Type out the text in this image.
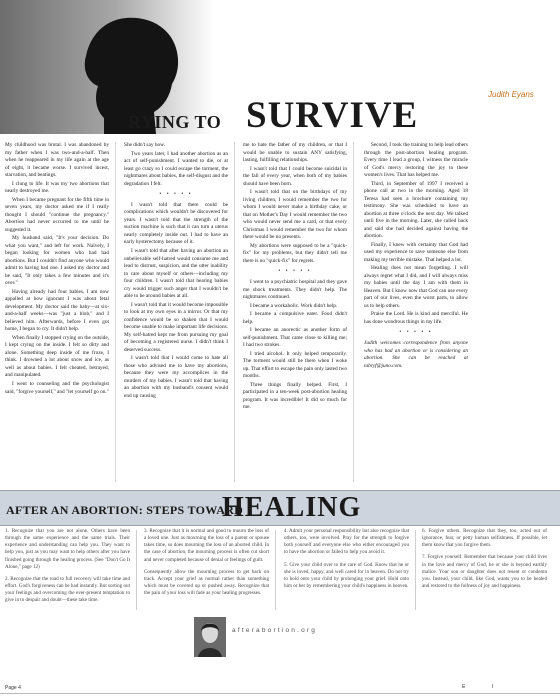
RYING TO SURVIVE
Judith Eyans

My childhood was brutal. I was abandoned by my father when I was two-and-a-half. Then when he reappeared in my life again at the age of eight, it became worse. I survived incest, starvation, and beatings.

I clung to life. It was my two abortions that nearly destroyed me.

When I became pregnant for the fifth time in seven years, my doctor asked me if I really thought I should "continue the pregnancy." Abortion had never occurred to me until he suggested it.

My husband said, "It's your decision. Do what you want," and left for work. Naïvely, I began looking for women who had had abortions. But I couldn't find anyone who would admit to having had one. I asked my doctor and he said, "It only takes a few minutes and it's over."

Having already had four babies, I am now appalled at how ignorant I was about fetal development. My doctor said the baby—at six-and-a-half weeks—was "just a blob," and I believed him. Afterwards, before I even got home, I began to cry. It didn't help.

When finally I stopped crying on the outside, I kept crying on the inside. I felt so dirty and alone. Something deep inside of me froze, I think. I drowned a lot about snow and ice, as well as about babies. I felt cheated, betrayed, and manipulated.

I went to counseling and the psychologist said, "forgive yourself," and "let yourself go on."

She didn't say how.

Two years later, I had another abortion as an act of self-punishment. I wanted to die, or at least go crazy so I could escape the torment, the nightmares about babies, the self-disgust and the degradation I felt.

• • • • •

I wasn't told that there could be complications which wouldn't be discovered for years. I wasn't told that the strength of the suction machine is such that it can turn a uterus nearly completely inside out. I had to have an early hysterectomy because of it.

I wasn't told that after having an abortion an unbelievable self-hatred would consume me and lead to distrust, suspicion, and the utter inability to care about myself or others—including my four children. I wasn't told that hearing babies cry would trigger such anger that I wouldn't be able to be around babies at all.

I wasn't told that it would become impossible to look at my own eyes in a mirror. Or that my confidence would be so shaken that I would become unable to make important life decisions. My self-hatred kept me from pursuing my goal of becoming a registered nurse. I didn't think I deserved success.

I wasn't told that I would come to hate all those who advised me to have my abortions, because they were my accomplices in the murders of my babies. I wasn't told that having an abortion with my husband's consent would end up causing

me to hate the father of my children, or that I would be unable to sustain ANY satisfying, lasting, fulfilling relationships.

I wasn't told that I could become suicidal in the fall of every year, when both of my babies should have been born.

I wasn't told that on the birthdays of my living children, I would remember the two for whom I would never make a birthday cake, or that on Mother's Day I would remember the two who would never send me a card, or that every Christmas I would remember the two for whom there would be no presents.

My abortions were supposed to be a "quick-fix" for my problems, but they didn't tell me there is no "quick-fix" for regrets.

• • • • •

I went to a psychiatric hospital and they gave me shock treatments. They didn't help. The nightmares continued.

I became a workaholic. Work didn't help.

I became a compulsive eater. Food didn't help.

I became an anorectic as another form of self-punishment. That came close to killing me; I had two strokes.

I tried alcohol. It only helped temporarily. The torment would still be there when I woke up. That effort to escape the pain only lasted two months.

Three things finally helped. First, I participated in a ten-week post-abortion healing program. It was incredible! It did so much for me.

Second, I took the training to help lead others through the post-abortion healing program. Every time I lead a group, I witness the miracle of God's mercy restoring the joy to these women's lives. That has helped me.

Third, in September of 1997 I received a phone call at two in the morning. Aged 18 Teresa had seen a brochure containing my testimony. She was scheduled to have an abortion at three o'clock the next day. We talked until five in the morning. Later, she called back and said she had decided against having the abortion.

Finally, I knew with certainty that God had used my experience to save someone else from making my terrible mistake. That helped a lot.

Healing does not mean forgetting. I will always regret what I did, and I will always miss my babies until the day I am with them in Heaven. But I know now that God can use every part of our lives, even the worst parts, to allow us to help others.

Praise the Lord. He is kind and merciful. He has done wondrous things in my life.

• • • • •

Judith welcomes correspondence from anyone who has had an abortion or is considering an abortion. She can be reached at tabryf@juno.com.

AFTER AN ABORTION: STEPS TOWARD
HEALING

1. Recognize that you are not alone. Others have been through the same experience and the same trials. Their experience and understanding can help you. They want to help you, just as you may want to help others after you have finished going through the healing process. (See "Don't Go It Alone," page 12)

2. Recognize that the road to full recovery will take time and effort. God's forgiveness can be had instantly. But sorting out your feelings and overcoming the ever-present temptation to give in to despair and doubt—these take time.

3. Recognize that it is normal and good to mourn the loss of a loved one. Just as mourning the loss of a parent or spouse takes time, so does mourning the loss of an aborted child. In the case of abortion, the mourning process is often cut short and never completed because of denial or feelings of guilt.

Consequently allow the mourning process to get back on track. Accept your grief as normal rather than something which must be covered up or pushed away. Recognize that the pain of your loss will fade as your healing progresses.

4. Admit your personal responsibility but also recognize that others, too, were involved. Pray for the strength to forgive both yourself and everyone else who either encouraged you to have the abortion or failed to help you avoid it.

5. Give your child over to the care of God. Know that he or she is loved, happy, and well cared for in heaven. Do not try to hold onto your child by prolonging your grief. Hold onto him or her by remembering your child's happiness in heaven.

6. Forgive others. Recognize that they, too, acted out of ignorance, fear, or petty human selfishness. If possible, let them know that you forgive them.

7. Forgive yourself. Remember that because your child lives in the love and mercy of God, he or she is beyond earthly malice. Your son or daughter does not resent or condemn you. Instead, your child, like God, wants you to be healed and restored to the fullness of joy and happiness.

afterabortion.org
Page 4	E	I
